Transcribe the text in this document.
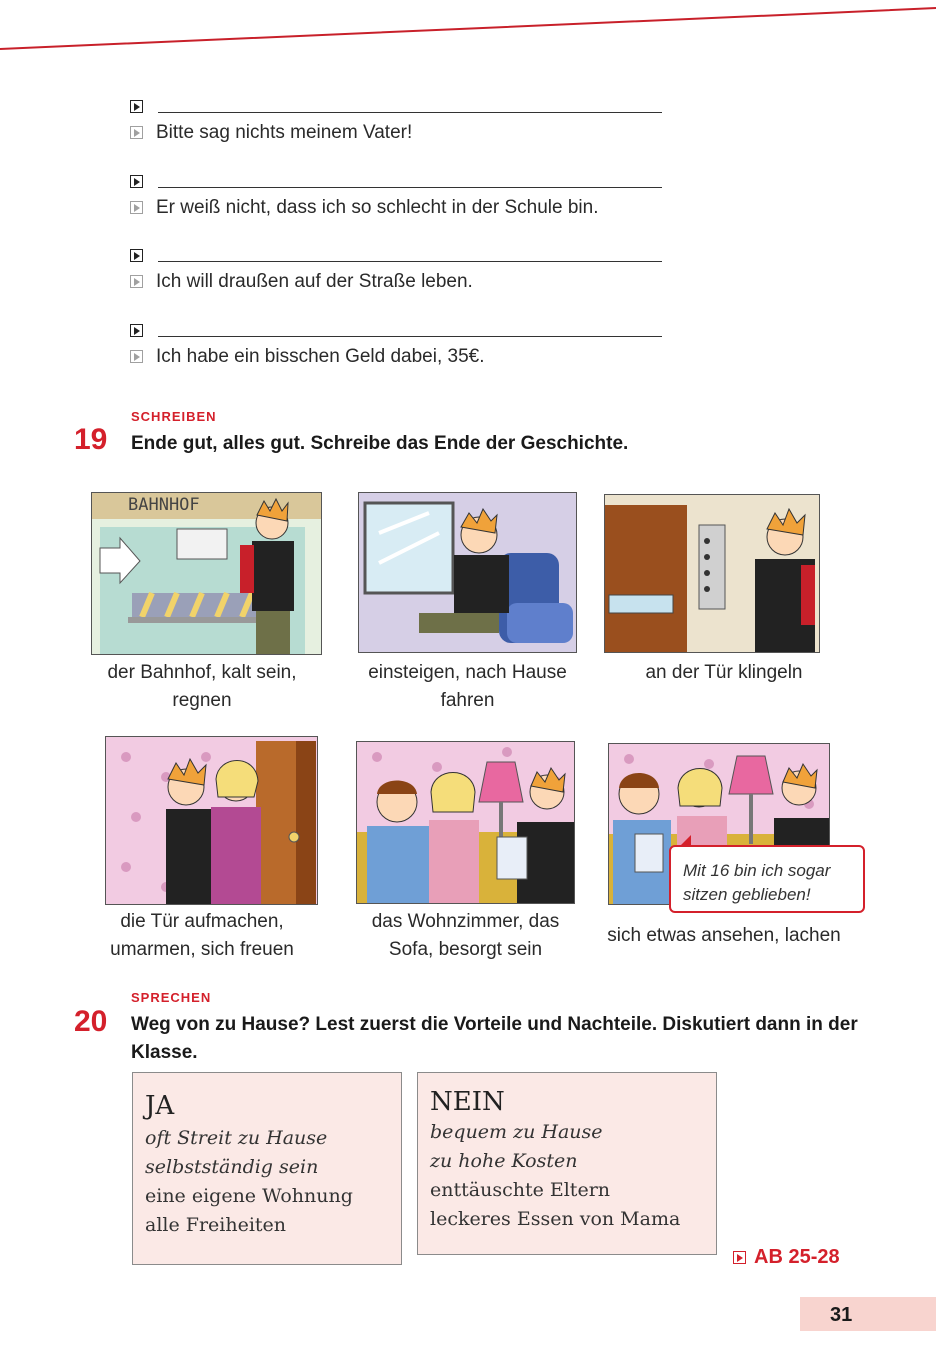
Bitte sag nichts meinem Vater!
Er weiß nicht, dass ich so schlecht in der Schule bin.
Ich will draußen auf der Straße leben.
Ich habe ein bisschen Geld dabei, 35€.
SCHREIBEN
19 Ende gut, alles gut. Schreibe das Ende der Geschichte.
BAHNHOF
der Bahnhof, kalt sein,
regnen
einsteigen, nach Hause
fahren
an der Tür klingeln
die Tür aufmachen,
umarmen, sich freuen
das Wohnzimmer, das
Sofa, besorgt sein
Mit 16 bin ich sogar
sitzen geblieben!
sich etwas ansehen, lachen
SPRECHEN
20 Weg von zu Hause? Lest zuerst die Vorteile und Nachteile. Diskutiert dann in der
Klasse.
JA
oft Streit zu Hause
selbstständig sein
eine eigene Wohnung
alle Freiheiten
NEIN
bequem zu Hause
zu hohe Kosten
enttäuschte Eltern
leckeres Essen von Mama
AB 25-28
31
